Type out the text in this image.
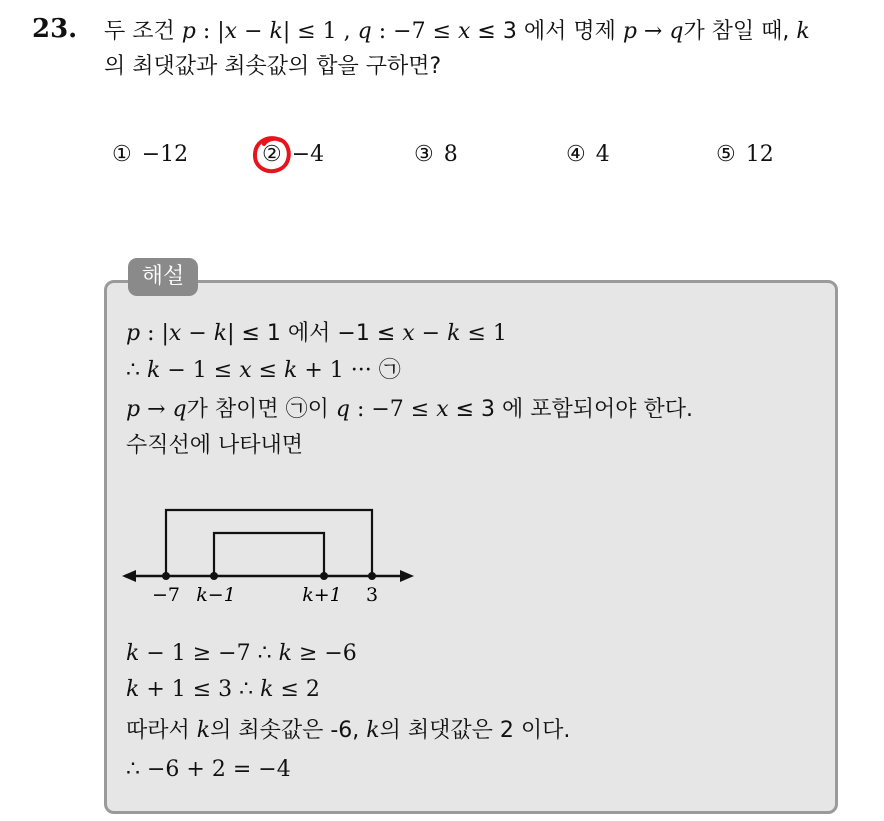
23. 두 조건 p : |x − k| ≤ 1 , q : −7 ≤ x ≤ 3 에서 명제 p → q가 참일 때, k
의 최댓값과 최솟값의 합을 구하면?
① −12	② −4	③ 8	④ 4	⑤ 12
해설
p : |x − k| ≤ 1 에서 −1 ≤ x − k ≤ 1
∴ k − 1 ≤ x ≤ k + 1 ··· ㉠
p → q가 참이면 ㉠이 q : −7 ≤ x ≤ 3 에 포함되어야 한다.
수직선에 나타내면
−7 k−1	k+1 3
k − 1 ≥ −7 ∴ k ≥ −6
k + 1 ≤ 3 ∴ k ≤ 2
따라서 k의 최솟값은 -6, k의 최댓값은 2 이다.
∴ −6 + 2 = −4
